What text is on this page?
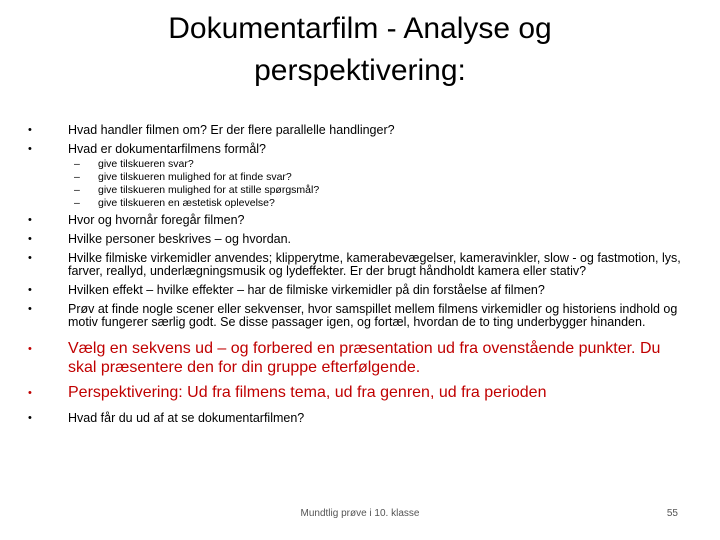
Dokumentarfilm - Analyse og perspektivering:
•	Hvad handler filmen om? Er der flere parallelle handlinger?
•	Hvad er dokumentarfilmens formål?
– give tilskueren svar?
– give tilskueren mulighed for at finde svar?
– give tilskueren mulighed for at stille spørgsmål?
– give tilskueren en æstetisk oplevelse?
•	Hvor og hvornår foregår filmen?
•	Hvilke personer beskrives – og hvordan.
•	Hvilke filmiske virkemidler anvendes; klipperytme, kamerabevægelser, kameravinkler, slow - og fastmotion, lys, farver, reallyd, underlægningsmusik og lydeffekter. Er der brugt håndholdt kamera eller stativ?
•	Hvilken effekt – hvilke effekter – har de filmiske virkemidler på din forståelse af filmen?
•	Prøv at finde nogle scener eller sekvenser, hvor samspillet mellem filmens virkemidler og historiens indhold og motiv fungerer særlig godt. Se disse passager igen, og fortæl, hvordan de to ting underbygger hinanden.
•	Vælg en sekvens ud – og forbered en præsentation ud fra ovenstående punkter. Du skal præsentere den for din gruppe efterfølgende.
•	Perspektivering: Ud fra filmens tema, ud fra genren, ud fra perioden
•	Hvad får du ud af at se dokumentarfilmen?
Mundtlig prøve i 10. klasse	55
